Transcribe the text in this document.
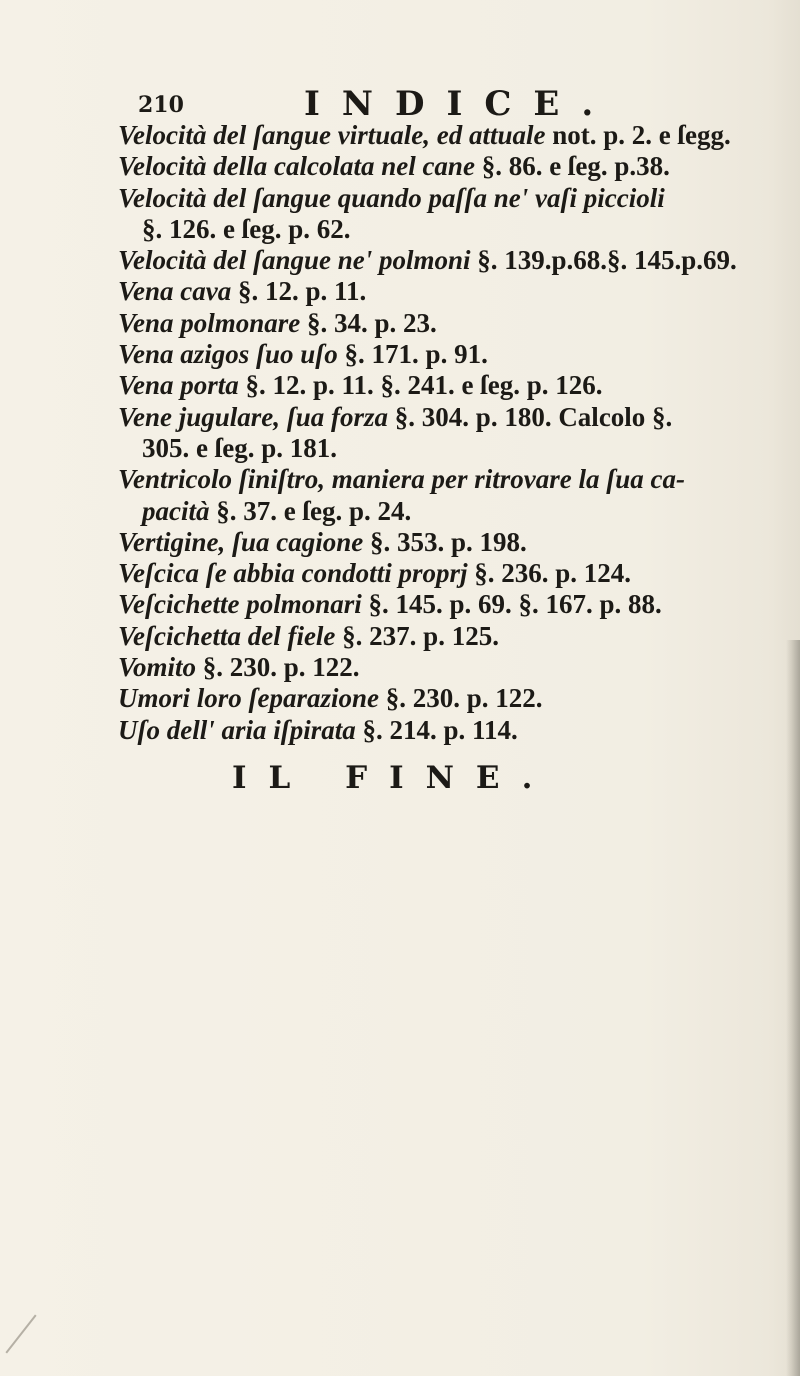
210	INDICE.
Velocità del ſangue virtuale, ed attuale not. p. 2. e ſegg.
Velocità della calcolata nel cane §. 86. e ſeg. p.38.
Velocità del ſangue quando paſſa ne' vaſi piccioli
§. 126. e ſeg. p. 62.
Velocità del ſangue ne' polmoni §. 139.p.68.§. 145.p.69.
Vena cava §. 12. p. 11.
Vena polmonare §. 34. p. 23.
Vena azigos ſuo uſo §. 171. p. 91.
Vena porta §. 12. p. 11. §. 241. e ſeg. p. 126.
Vene jugulare, ſua forza §. 304. p. 180. Calcolo §.
305. e ſeg. p. 181.
Ventricolo ſiniſtro, maniera per ritrovare la ſua ca-
pacità §. 37. e ſeg. p. 24.
Vertigine, ſua cagione §. 353. p. 198.
Veſcica ſe abbia condotti proprj §. 236. p. 124.
Veſcichette polmonari §. 145. p. 69. §. 167. p. 88.
Veſcichetta del fiele §. 237. p. 125.
Vomito §. 230. p. 122.
Umori loro ſeparazione §. 230. p. 122.
Uſo dell' aria iſpirata §. 214. p. 114.
IL FINE.
